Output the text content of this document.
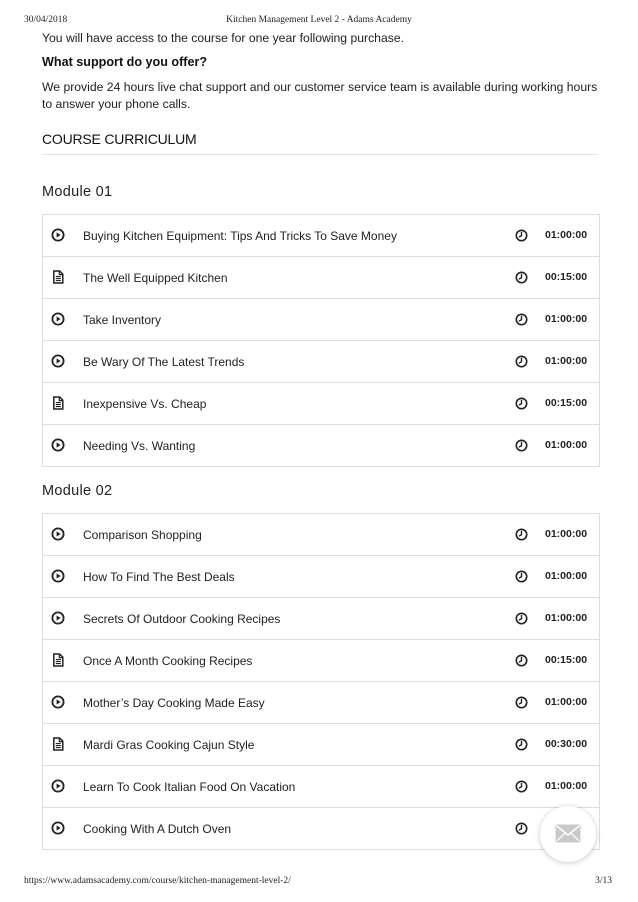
30/04/2018	Kitchen Management Level 2 - Adams Academy
You will have access to the course for one year following purchase.
What support do you offer?
We provide 24 hours live chat support and our customer service team is available during working hours to answer your phone calls.
COURSE CURRICULUM
Module 01
Buying Kitchen Equipment: Tips And Tricks To Save Money	01:00:00
The Well Equipped Kitchen	00:15:00
Take Inventory	01:00:00
Be Wary Of The Latest Trends	01:00:00
Inexpensive Vs. Cheap	00:15:00
Needing Vs. Wanting	01:00:00
Module 02
Comparison Shopping	01:00:00
How To Find The Best Deals	01:00:00
Secrets Of Outdoor Cooking Recipes	01:00:00
Once A Month Cooking Recipes	00:15:00
Mother’s Day Cooking Made Easy	01:00:00
Mardi Gras Cooking Cajun Style	00:30:00
Learn To Cook Italian Food On Vacation	01:00:00
Cooking With A Dutch Oven
https://www.adamsacademy.com/course/kitchen-management-level-2/	3/13
